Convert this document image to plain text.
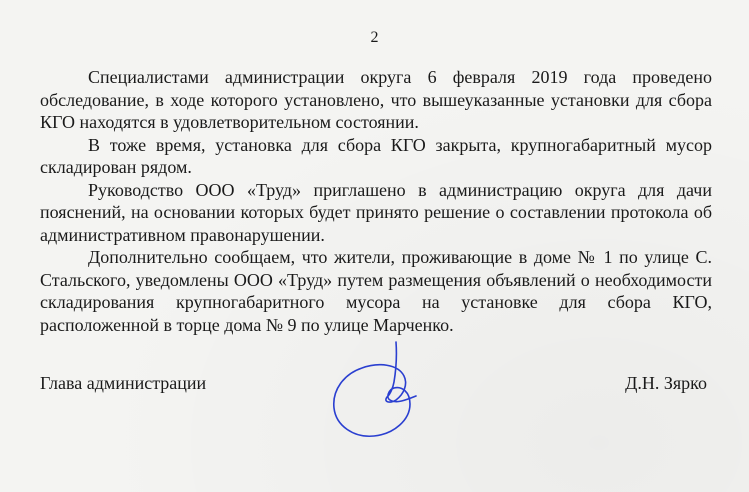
2

Специалистами администрации округа 6 февраля 2019 года проведено обследование, в ходе которого установлено, что вышеуказанные установки для сбора КГО находятся в удовлетворительном состоянии.

В тоже время, установка для сбора КГО закрыта, крупногабаритный мусор складирован рядом.

Руководство ООО «Труд» приглашено в администрацию округа для дачи пояснений, на основании которых будет принято решение о составлении протокола об административном правонарушении.

Дополнительно сообщаем, что жители, проживающие в доме № 1 по улице С. Стальского, уведомлены ООО «Труд» путем размещения объявлений о необходимости складирования крупногабаритного мусора на установке для сбора КГО, расположенной в торце дома № 9 по улице Марченко.

Глава администрации	Д.Н. Зярко
